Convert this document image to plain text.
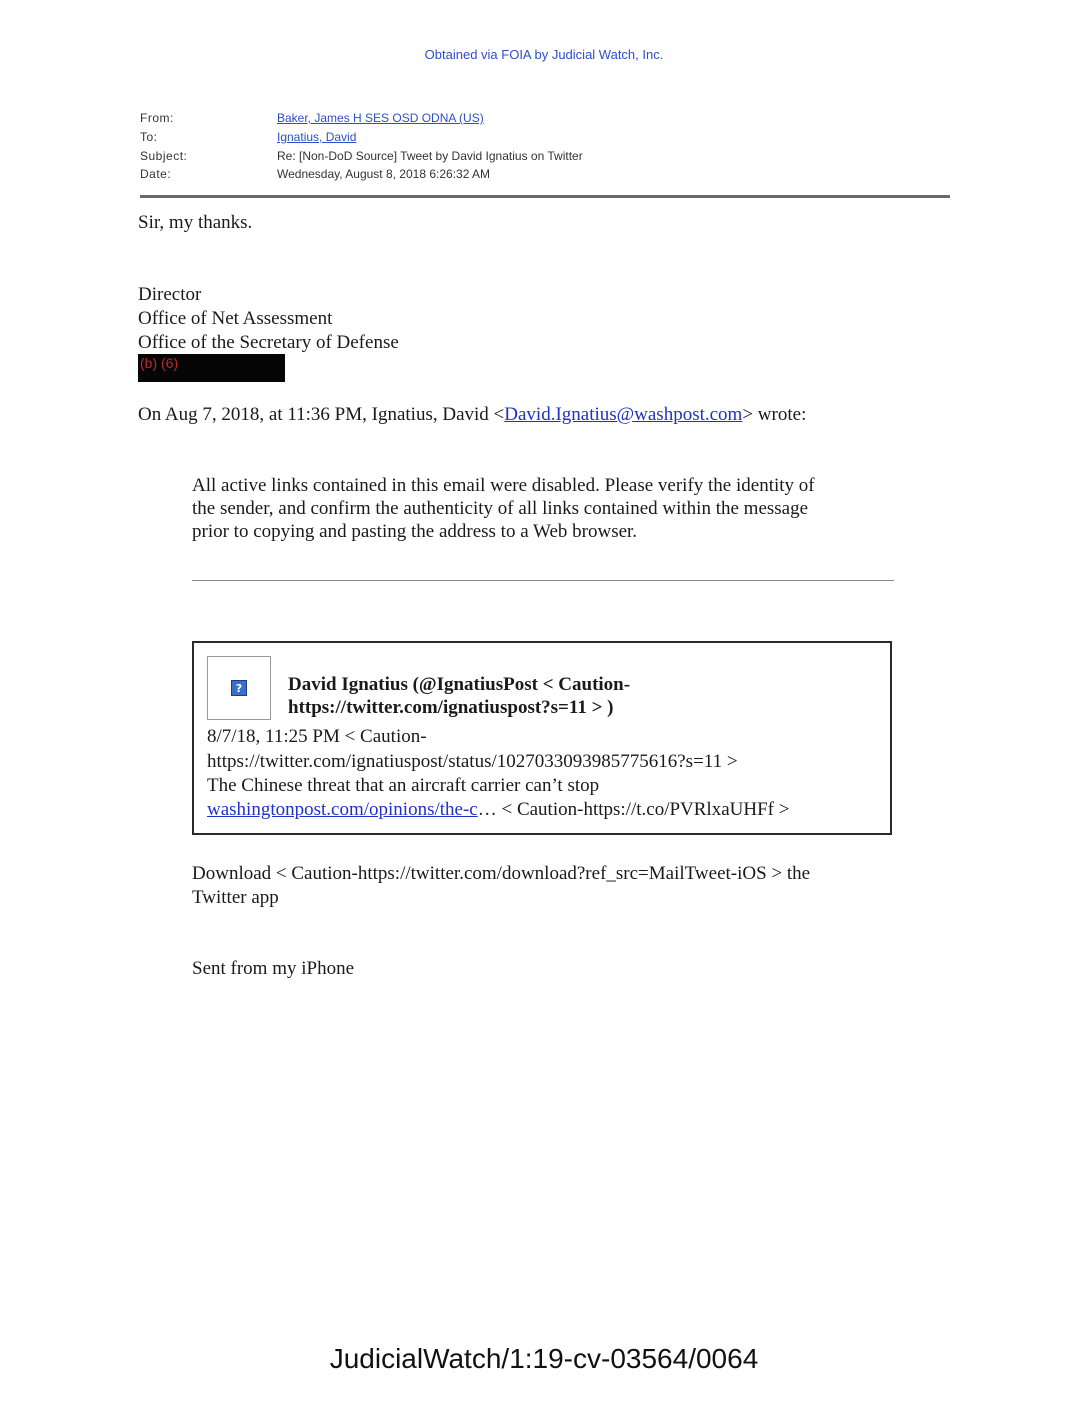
Obtained via FOIA by Judicial Watch, Inc.
From:	Baker, James H SES OSD ODNA (US)
To:	Ignatius, David
Subject:	Re: [Non-DoD Source] Tweet by David Ignatius on Twitter
Date:	Wednesday, August 8, 2018 6:26:32 AM
Sir, my thanks.
Director
Office of Net Assessment
Office of the Secretary of Defense
(b) (6)
On Aug 7, 2018, at 11:36 PM, Ignatius, David <David.Ignatius@washpost.com> wrote:
All active links contained in this email were disabled. Please verify the identity of
the sender, and confirm the authenticity of all links contained within the message
prior to copying and pasting the address to a Web browser.
? David Ignatius (@IgnatiusPost < Caution-
https://twitter.com/ignatiuspost?s=11 > )
8/7/18, 11:25 PM < Caution-
https://twitter.com/ignatiuspost/status/1027033093985775616?s=11 >
The Chinese threat that an aircraft carrier can’t stop
washingtonpost.com/opinions/the-c… < Caution-https://t.co/PVRlxaUHFf >
Download < Caution-https://twitter.com/download?ref_src=MailTweet-iOS > the
Twitter app
Sent from my iPhone
JudicialWatch/1:19-cv-03564/0064
